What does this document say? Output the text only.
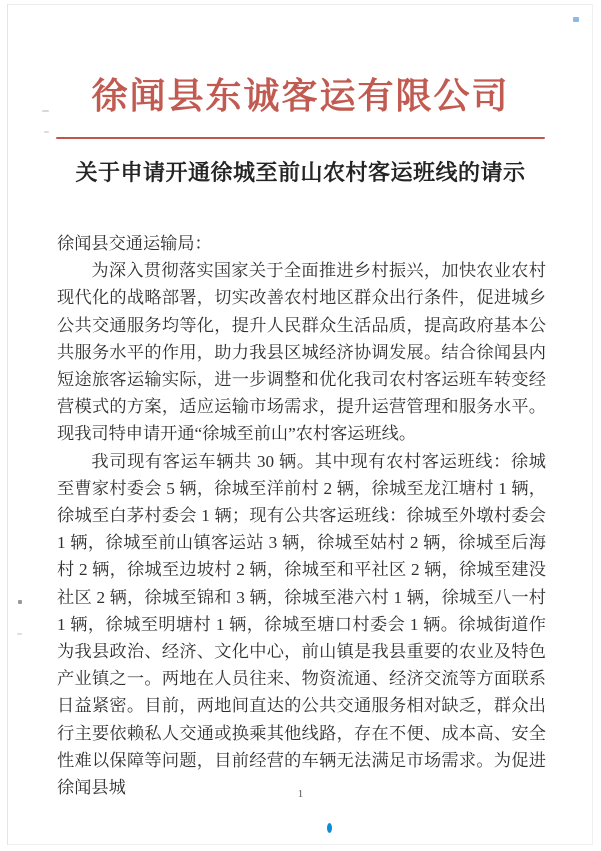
徐闻县东诚客运有限公司
关于申请开通徐城至前山农村客运班线的请示

徐闻县交通运输局：

为深入贯彻落实国家关于全面推进乡村振兴，加快农业农村现代化的战略部署，切实改善农村地区群众出行条件，促进城乡公共交通服务均等化，提升人民群众生活品质，提高政府基本公共服务水平的作用，助力我县区城经济协调发展。结合徐闻县内短途旅客运输实际，进一步调整和优化我司农村客运班车转变经营模式的方案，适应运输市场需求，提升运营管理和服务水平。现我司特申请开通“徐城至前山”农村客运班线。

我司现有客运车辆共 30 辆。其中现有农村客运班线：徐城至曹家村委会 5 辆，徐城至洋前村 2 辆，徐城至龙江塘村 1 辆，徐城至白茅村委会 1 辆；现有公共客运班线：徐城至外墩村委会 1 辆，徐城至前山镇客运站 3 辆，徐城至姑村 2 辆，徐城至后海村 2 辆，徐城至边坡村 2 辆，徐城至和平社区 2 辆，徐城至建没社区 2 辆，徐城至锦和 3 辆，徐城至港六村 1 辆，徐城至八一村 1 辆，徐城至明塘村 1 辆，徐城至塘口村委会 1 辆。徐城街道作为我县政治、经济、文化中心，前山镇是我县重要的农业及特色产业镇之一。两地在人员往来、物资流通、经济交流等方面联系日益紧密。目前，两地间直达的公共交通服务相对缺乏，群众出行主要依赖私人交通或换乘其他线路，存在不便、成本高、安全性难以保障等问题，目前经营的车辆无法满足市场需求。为促进徐闻县城	1
